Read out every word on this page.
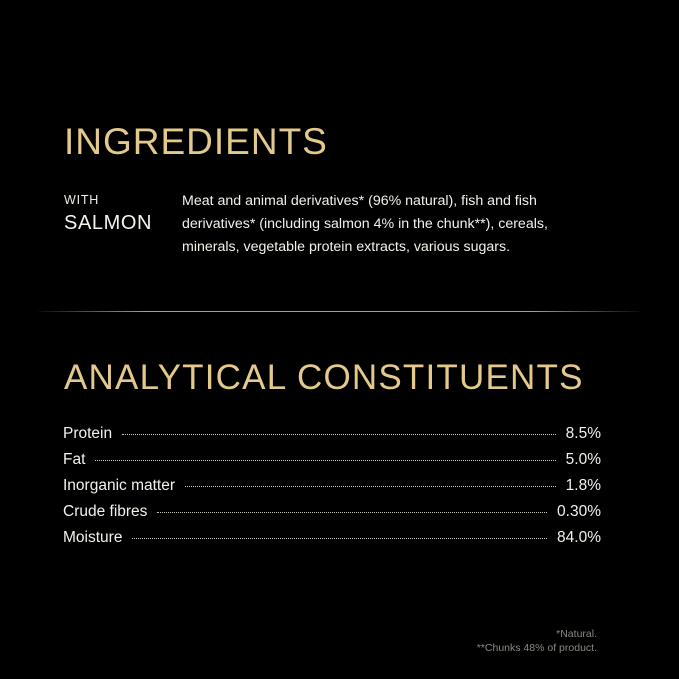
INGREDIENTS
WITH
SALMON
Meat and animal derivatives* (96% natural), fish and fish derivatives* (including salmon 4% in the chunk**), cereals, minerals, vegetable protein extracts, various sugars.
ANALYTICAL CONSTITUENTS
Protein	8.5%
Fat	5.0%
Inorganic matter	1.8%
Crude fibres	0.30%
Moisture	84.0%
*Natural.
**Chunks 48% of product.
